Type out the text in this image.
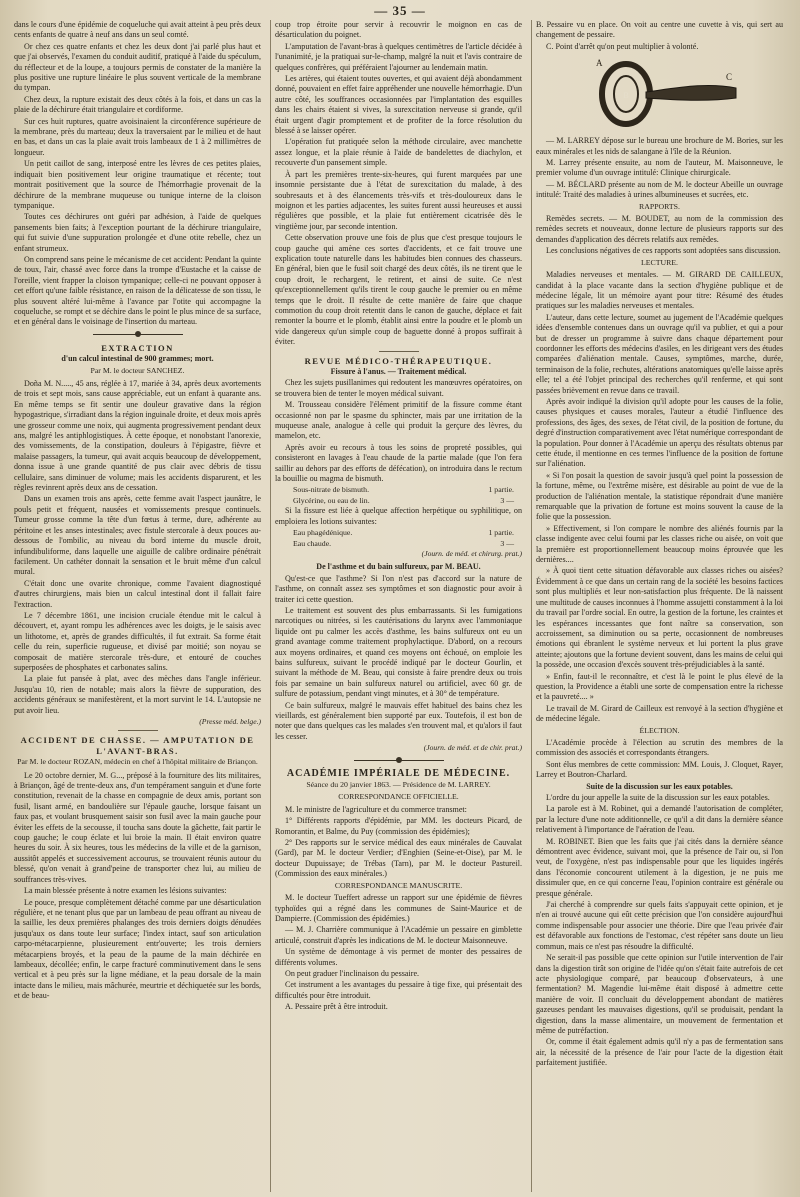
— 35 —

dans le cours d'une épidémie de coqueluche qui avait atteint à peu près deux cents enfants de quatre à neuf ans dans un seul comté.

Or chez ces quatre enfants et chez les deux dont j'ai parlé plus haut et que j'ai observés, l'examen du conduit auditif, pratiqué à l'aide du spéculum, du réflecteur et de la loupe, a toujours permis de constater de la manière la plus positive une rupture linéaire le plus souvent verticale de la membrane du tympan.

Chez deux, la rupture existait des deux côtés à la fois, et dans un cas la plaie de la déchirure était triangulaire et cordiforme.

Sur ces huit ruptures, quatre avoisinaient la circonférence supérieure de la membrane, près du marteau; deux la traversaient par le milieu et de haut en bas, et dans un cas la plaie avait trois lambeaux de 1 à 2 millimètres de longueur.

Un petit caillot de sang, interposé entre les lèvres de ces petites plaies, indiquait bien positivement leur origine traumatique et récente; tout montrait positivement que la source de l'hémorrhagie provenait de la déchirure de la membrane muqueuse ou tunique interne de la cloison tympanique.

Toutes ces déchirures ont guéri par adhésion, à l'aide de quelques pansements bien faits; à l'exception pourtant de la déchirure triangulaire, qui fut suivie d'une suppuration prolongée et d'une otite rebelle, chez un enfant strumeux.

On comprend sans peine le mécanisme de cet accident: Pendant la quinte de toux, l'air, chassé avec force dans la trompe d'Eustache et la caisse de l'oreille, vient frapper la cloison tympanique; celle-ci ne pouvant opposer à cet effort qu'une faible résistance, en raison de la délicatesse de son tissu, le plus souvent altéré lui-même à l'avance par l'otite qui accompagne la coqueluche, se rompt et se déchire dans le point le plus mince de sa surface, et en général dans le voisinage de l'insertion du marteau.

EXTRACTION
d'un calcul intestinal de 900 grammes; mort.
Par M. le docteur SANCHEZ.

Doña M. N....., 45 ans, réglée à 17, mariée à 34, après deux avortements de trois et sept mois, sans cause appréciable, eut un enfant à quarante ans. En même temps se fit sentir une douleur gravative dans la région hypogastrique, s'irradiant dans la région inguinale droite, et deux mois après une grosseur comme une noix, qui augmenta progressivement pendant deux ans, malgré les antiphlogistiques. À cette époque, et nonobstant l'anorexie, des vomissements, de la constipation, douleurs à l'épigastre, fièvre et malaise passagers, la tumeur, qui avait acquis beaucoup de développement, donna issue à une grande quantité de pus clair avec débris de tissu cellulaire, sans diminuer de volume; mais les accidents disparurent, et les règles revinrent après deux ans de cessation.

Dans un examen trois ans après, cette femme avait l'aspect jaunâtre, le pouls petit et fréquent, nausées et vomissements presque continuels. Tumeur grosse comme la tête d'un fœtus à terme, dure, adhérente au péritoine et les anses intestinales; avec fistule stercorale à deux pouces au-dessous de l'ombilic, au niveau du bord interne du muscle droit, infundibuliforme, dans laquelle une aiguille de calibre ordinaire pénétrait facilement. Un cathéter donnait la sensation et le bruit même d'un calcul mural.

C'était donc une ovarite chronique, comme l'avaient diagnostiqué d'autres chirurgiens, mais bien un calcul intestinal dont il fallait faire l'extraction.

Le 7 décembre 1861, une incision cruciale étendue mit le calcul à découvert, et, ayant rompu les adhérences avec les doigts, je le saisis avec un lithotome, et, après de grandes difficultés, il fut extrait. Sa forme était celle du rein, superficie rugueuse, et divisé par moitié; son noyau se composait de matière stercorale très-dure, et entouré de couches superposées de phosphates et carbonates salins.

La plaie fut pansée à plat, avec des mèches dans l'angle inférieur. Jusqu'au 10, rien de notable; mais alors la fièvre de suppuration, des accidents généraux se manifestèrent, et la mort survint le 14. L'autopsie ne put avoir lieu.

(Presse méd. belge.)
ACCIDENT DE CHASSE. — AMPUTATION DE L'AVANT-BRAS.
Par M. le docteur ROZAN, médecin en chef à l'hôpital militaire de Briançon.

Le 20 octobre dernier, M. G..., préposé à la fourniture des lits militaires, à Briançon, âgé de trente-deux ans, d'un tempérament sanguin et d'une forte constitution, revenait de la chasse en compagnie de deux amis, portant son fusil, lisant armé, en bandoulière sur l'épaule gauche, lorsque faisant un faux pas, et voulant brusquement saisir son fusil avec la main gauche pour éviter les effets de la secousse, il toucha sans doute la gâchette, fait partir le coup gauche; le coup éclate et lui broie la main. Il était environ quatre heures du soir. À six heures, tous les médecins de la ville et de la garnison, aussitôt appelés et successivement accourus, se trouvaient réunis autour du blessé, qu'on venait à grand'peine de transporter chez lui, au milieu de souffrances très-vives.

La main blessée présente à notre examen les lésions suivantes:

Le pouce, presque complètement détaché comme par une désarticulation régulière, et ne tenant plus que par un lambeau de peau offrant au niveau de la saillie, les deux premières phalanges des trois derniers doigts dénudées jusqu'aux os dans toute leur surface; l'index intact, sauf son articulation carpo-métacarpienne, plusieurement entr'ouverte; les trois derniers métacarpiens broyés, et la peau de la paume de la main déchirée en lambeaux, décollée; enfin, le carpe fracturé comminutivement dans le sens vertical et à peu près sur la ligne médiane, et la peau dorsale de la main intacte dans le milieu, mais mâchurée, meurtrie et déchiquetée sur les bords, et de beau-

coup trop étroite pour servir à recouvrir le moignon en cas de désarticulation du poignet.

L'amputation de l'avant-bras à quelques centimètres de l'article décidée à l'unanimité, je la pratiquai sur-le-champ, malgré la nuit et l'avis contraire de quelques confrères, qui préféraient l'ajourner au lendemain matin.

Les artères, qui étaient toutes ouvertes, et qui avaient déjà abondamment donné, pouvaient en effet faire appréhender une nouvelle hémorrhagie. D'un autre côté, les souffrances occasionnées par l'implantation des esquilles dans les chairs étaient si vives, la surexcitation nerveuse si grande, qu'il était urgent d'agir promptement et de profiter de la force résolution du blessé à se laisser opérer.

L'opération fut pratiquée selon la méthode circulaire, avec manchette assez longue, et la plaie réunie à l'aide de bandelettes de diachylon, et recouverte d'un pansement simple.

À part les premières trente-six-heures, qui furent marquées par une insomnie persistante due à l'état de surexcitation du malade, à des soubresauts et à des élancements très-vifs et très-douloureux dans le moignon et les parties adjacentes, les suites furent aussi heureuses et aussi régulières que possible, et la plaie fut entièrement cicatrisée dès le vingtième jour, par seconde intention.

Cette observation prouve une fois de plus que c'est presque toujours le coup gauche qui amène ces sortes d'accidents, et ce fait trouve une explication toute naturelle dans les habitudes bien connues des chasseurs. En général, bien que le fusil soit chargé des deux côtés, ils ne tirent que le coup droit, le rechargent, le retirent, et ainsi de suite. Ce n'est qu'exceptionnellement qu'ils tirent le coup gauche le premier ou en même temps que le droit. Il résulte de cette manière de faire que chaque commotion du coup droit retentit dans le canon de gauche, déplace et fait remonter la bourre et le plomb, établit ainsi entre la poudre et le plomb un vide dangereux qu'un simple coup de baguette donné à propos suffirait à éviter.

REVUE MÉDICO-THÉRAPEUTIQUE.
Fissure à l'anus. — Traitement médical.

Chez les sujets pusillanimes qui redoutent les manœuvres opératoires, on se trouvera bien de tenter le moyen médical suivant.

M. Trousseau considère l'élément primitif de la fissure comme étant occasionné non par le spasme du sphincter, mais par une irritation de la muqueuse anale, analogue à celle qui produit la gerçure des lèvres, du mamelon, etc.

Après avoir eu recours à tous les soins de propreté possibles, qui consisteront en lavages à l'eau chaude de la partie malade (que l'on fera saillir au dehors par des efforts de défécation), on introduira dans le rectum la bouillie ou magma de bismuth.

Sous-nitrate de bismuth.	1 partie.
Glycérine, ou eau de lin.	3 —

Si la fissure est liée à quelque affection herpétique ou syphilitique, on emploiera les lotions suivantes:

Eau phagédénique.	1 partie.
Eau chaude.	3 —
(Journ. de méd. et chirurg. prat.)
De l'asthme et du bain sulfureux, par M. BEAU.

Qu'est-ce que l'asthme? Si l'on n'est pas d'accord sur la nature de l'asthme, on connaît assez ses symptômes et son diagnostic pour avoir à traiter ici cette question.

Le traitement est souvent des plus embarrassants. Si les fumigations narcotiques ou nitrées, si les cautérisations du larynx avec l'ammoniaque liquide ont pu calmer les accès d'asthme, les bains sulfureux ont eu un grand avantage comme traitement prophylactique. D'abord, on a recours aux moyens ordinaires, et quand ces moyens ont échoué, on emploie les bains sulfureux, suivant le procédé indiqué par le docteur Gourlin, et suivant la méthode de M. Beau, qui consiste à faire prendre deux ou trois fois par semaine un bain sulfureux naturel ou artificiel, avec 60 gr. de sulfure de potassium, pendant vingt minutes, et à 30° de température.

Ce bain sulfureux, malgré le mauvais effet habituel des bains chez les vieillards, est généralement bien supporté par eux. Toutefois, il est bon de noter que dans quelques cas les malades s'en trouvent mal, et qu'alors il faut les cesser.

(Journ. de méd. et de chir. prat.)
ACADÉMIE IMPÉRIALE DE MÉDECINE.
Séance du 20 janvier 1863. — Présidence de M. LARREY.
CORRESPONDANCE OFFICIELLE.

M. le ministre de l'agriculture et du commerce transmet:

1° Différents rapports d'épidémie, par MM. les docteurs Picard, de Romorantin, et Balme, du Puy (commission des épidémies);

2° Des rapports sur le service médical des eaux minérales de Cauvalat (Gard), par M. le docteur Verdier; d'Enghien (Seine-et-Oise), par M. le docteur Dupuissaye; de Trébas (Tarn), par M. le docteur Pastureil. (Commission des eaux minérales.)

CORRESPONDANCE MANUSCRITE.

M. le docteur Tueffert adresse un rapport sur une épidémie de fièvres typhoïdes qui a régné dans les communes de Saint-Maurice et de Dampierre. (Commission des épidémies.)

— M. J. Charrière communique à l'Académie un pessaire en gimblette articulé, construit d'après les indications de M. le docteur Maisonneuve.

Un système de démontage à vis permet de monter des pessaires de différents volumes.

On peut graduer l'inclinaison du pessaire.

Cet instrument a les avantages du pessaire à tige fixe, qui présentait des difficultés pour être introduit.

A. Pessaire prêt à être introduit.

B. Pessaire vu en place. On voit au centre une cuvette à vis, qui sert au changement de pessaire.

C. Point d'arrêt qu'on peut multiplier à volonté.

A
B
C

— M. LARREY dépose sur le bureau une brochure de M. Bories, sur les eaux minérales et les nids de salangane à l'île de la Réunion.

M. Larrey présente ensuite, au nom de l'auteur, M. Maisonneuve, le premier volume d'un ouvrage intitulé: Clinique chirurgicale.

— M. BÉCLARD présente au nom de M. le docteur Abeille un ouvrage intitulé: Traité des maladies à urines albumineuses et sucrées, etc.

RAPPORTS.

Remèdes secrets. — M. BOUDET, au nom de la commission des remèdes secrets et nouveaux, donne lecture de plusieurs rapports sur des demandes d'application des décrets relatifs aux remèdes.

Les conclusions négatives de ces rapports sont adoptées sans discussion.

LECTURE.

Maladies nerveuses et mentales. — M. GIRARD DE CAILLEUX, candidat à la place vacante dans la section d'hygiène publique et de médecine légale, lit un mémoire ayant pour titre: Résumé des études pratiques sur les maladies nerveuses et mentales.

L'auteur, dans cette lecture, soumet au jugement de l'Académie quelques idées d'ensemble contenues dans un ouvrage qu'il va publier, et qui a pour but de dresser un programme à suivre dans chaque département pour coordonner les efforts des médecins d'asiles, en les dirigeant vers des études comparées d'aliénation mentale. Causes, symptômes, marche, durée, terminaison de la folie, rechutes, altérations anatomiques qu'elle laisse après elle; tel a été l'objet principal des recherches qu'il renferme, et qui sont passées brièvement en revue dans ce travail.

Après avoir indiqué la division qu'il adopte pour les causes de la folie, causes physiques et causes morales, l'auteur a étudié l'influence des professions, des âges, des sexes, de l'état civil, de la position de fortune, du degré d'instruction comparativement avec l'état numérique correspondant de la population. Pour donner à l'Académie un aperçu des résultats obtenus par cette étude, il mentionne en ces termes l'influence de la position de fortune sur l'aliénation.

« Si l'on posait la question de savoir jusqu'à quel point la possession de la fortune, même, ou l'extrême misère, est désirable au point de vue de la production de l'aliénation mentale, la statistique répondrait d'une manière remarquable que la privation de fortune est moins souvent la cause de la folie que la possession.

» Effectivement, si l'on compare le nombre des aliénés fournis par la classe indigente avec celui fourni par les classes riche ou aisée, on voit que la première est proportionnellement beaucoup moins éprouvée que les dernières....

» À quoi tient cette situation défavorable aux classes riches ou aisées? Évidemment à ce que dans un certain rang de la société les besoins factices sont plus multipliés et leur non-satisfaction plus fréquente. De là naissent une multitude de causes inconnues à l'homme assujetti constamment à la loi du travail par l'ordre social. En outre, la gestion de la fortune, les craintes et les espérances incessantes que font naître sa conservation, son accroissement, sa diminution ou sa perte, occasionnent de nombreuses émotions qui ébranlent le système nerveux et lui portent la plus grave atteinte; ajoutons que la fortune devient souvent, dans les mains de celui qui la possède, une occasion d'excès souvent très-préjudiciables à la santé.

» Enfin, faut-il le reconnaître, et c'est là le point le plus élevé de la question, la Providence a établi une sorte de compensation entre la richesse et la pauvreté.... »

Le travail de M. Girard de Cailleux est renvoyé à la section d'hygiène et de médecine légale.

ÉLECTION.

L'Académie procède à l'élection au scrutin des membres de la commission des associés et correspondants étrangers.

Sont élus membres de cette commission: MM. Louis, J. Cloquet, Rayer, Larrey et Boutron-Charlard.

Suite de la discussion sur les eaux potables.

L'ordre du jour appelle la suite de la discussion sur les eaux potables.

La parole est à M. Robinet, qui a demandé l'autorisation de compléter, par la lecture d'une note additionnelle, ce qu'il a dit dans la dernière séance relativement à l'importance de l'aération de l'eau.

M. ROBINET. Bien que les faits que j'ai cités dans la dernière séance démontrent avec évidence, suivant moi, que la présence de l'air ou, si l'on veut, de l'oxygène, n'est pas indispensable pour que les liquides ingérés dans l'économie concourent utilement à la digestion, je ne puis me dissimuler que, en ce qui concerne l'eau, l'opinion contraire est générale ou presque générale.

J'ai cherché à comprendre sur quels faits s'appuyait cette opinion, et je n'en ai trouvé aucune qui eût cette précision que l'on considère aujourd'hui comme indispensable pour associer une théorie. Dire que l'eau privée d'air est défavorable aux fonctions de l'estomac, c'est répéter sans doute un lieu commun, mais ce n'est pas résoudre la difficulté.

Ne serait-il pas possible que cette opinion sur l'utile intervention de l'air dans la digestion tirât son origine de l'idée qu'on s'était faite autrefois de cet acte physiologique comparé, par beaucoup d'observateurs, à une fermentation? M. Magendie lui-même était disposé à admettre cette manière de voir. Il concluait du développement abondant de matières gazeuses pendant les mauvaises digestions, qu'il se produisait, pendant la digestion, dans la masse alimentaire, un mouvement de fermentation et même de putréfaction.

Or, comme il était également admis qu'il n'y a pas de fermentation sans air, la nécessité de la présence de l'air pour l'acte de la digestion était parfaitement justifiée.
